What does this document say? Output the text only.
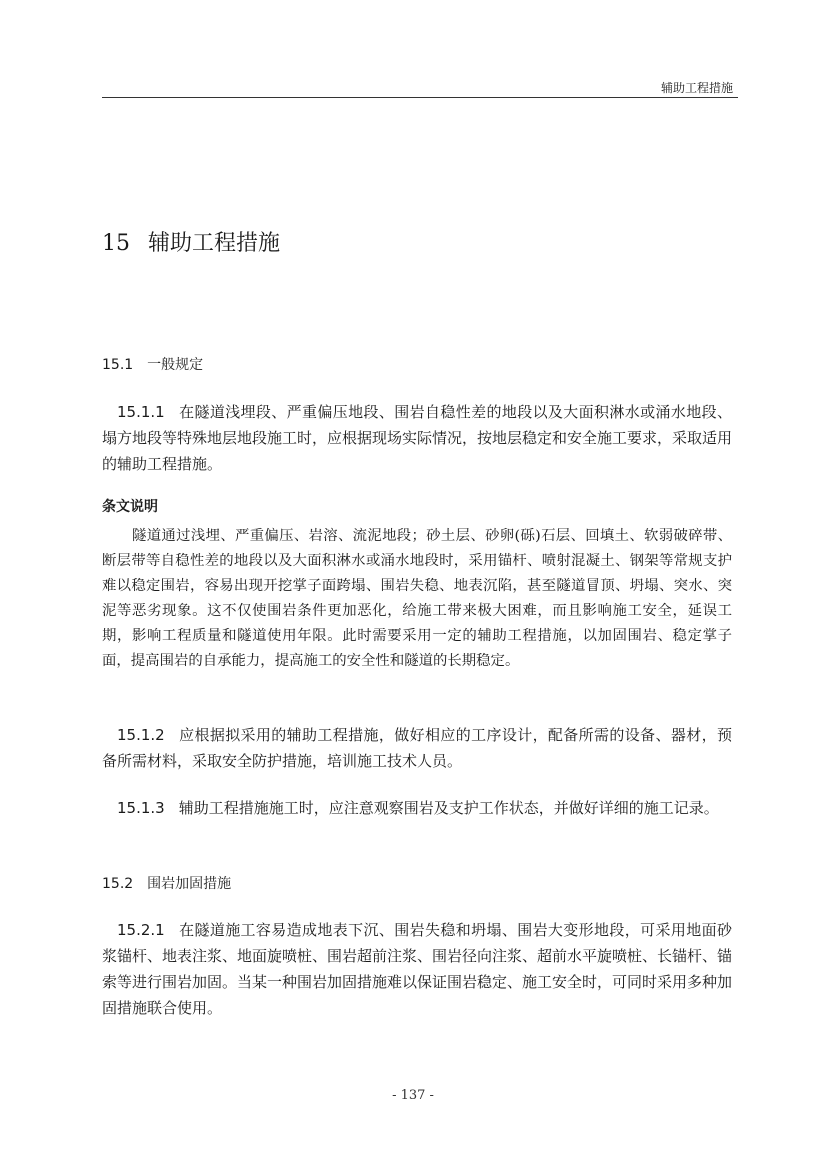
辅助工程措施
15 辅助工程措施
15.1 一般规定
15.1.1 在隧道浅埋段、严重偏压地段、围岩自稳性差的地段以及大面积淋水或涌水地段、塌方地段等特殊地层地段施工时，应根据现场实际情况，按地层稳定和安全施工要求，采取适用的辅助工程措施。
条文说明
隧道通过浅埋、严重偏压、岩溶、流泥地段；砂土层、砂卵(砾)石层、回填土、软弱破碎带、断层带等自稳性差的地段以及大面积淋水或涌水地段时，采用锚杆、喷射混凝土、钢架等常规支护难以稳定围岩，容易出现开挖掌子面跨塌、围岩失稳、地表沉陷，甚至隧道冒顶、坍塌、突水、突泥等恶劣现象。这不仅使围岩条件更加恶化，给施工带来极大困难，而且影响施工安全，延误工期，影响工程质量和隧道使用年限。此时需要采用一定的辅助工程措施，以加固围岩、稳定掌子面，提高围岩的自承能力，提高施工的安全性和隧道的长期稳定。
15.1.2 应根据拟采用的辅助工程措施，做好相应的工序设计，配备所需的设备、器材，预备所需材料，采取安全防护措施，培训施工技术人员。
15.1.3 辅助工程措施施工时，应注意观察围岩及支护工作状态，并做好详细的施工记录。
15.2 围岩加固措施
15.2.1 在隧道施工容易造成地表下沉、围岩失稳和坍塌、围岩大变形地段，可采用地面砂浆锚杆、地表注浆、地面旋喷桩、围岩超前注浆、围岩径向注浆、超前水平旋喷桩、长锚杆、锚索等进行围岩加固。当某一种围岩加固措施难以保证围岩稳定、施工安全时，可同时采用多种加固措施联合使用。
- 137 -
